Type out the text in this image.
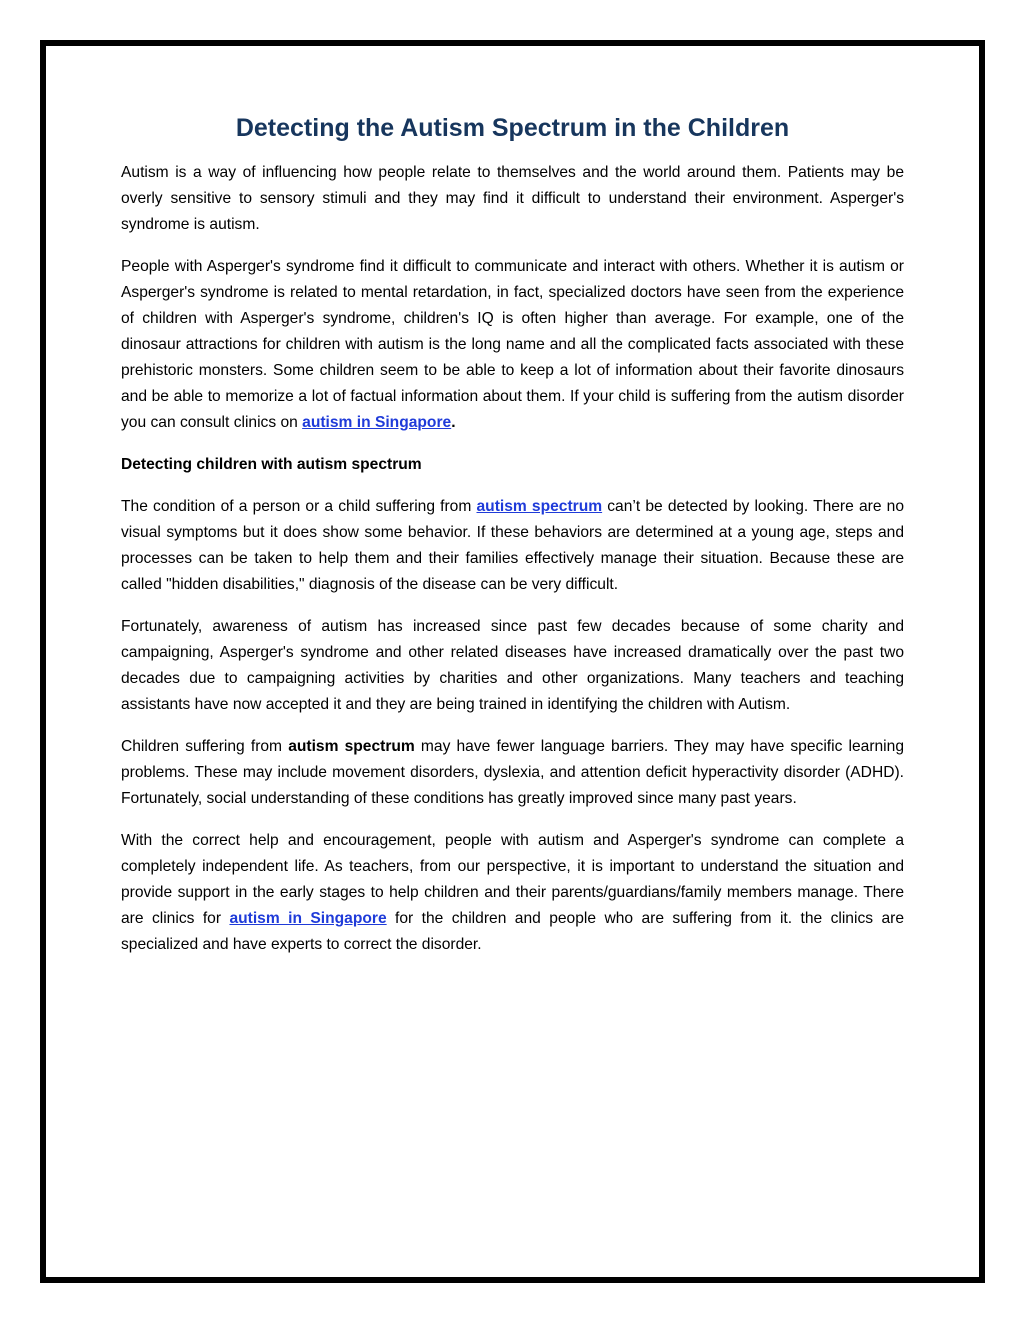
Detecting the Autism Spectrum in the Children

Autism is a way of influencing how people relate to themselves and the world around them. Patients may be overly sensitive to sensory stimuli and they may find it difficult to understand their environment. Asperger's syndrome is autism.

People with Asperger's syndrome find it difficult to communicate and interact with others. Whether it is autism or Asperger's syndrome is related to mental retardation, in fact, specialized doctors have seen from the experience of children with Asperger's syndrome, children's IQ is often higher than average. For example, one of the dinosaur attractions for children with autism is the long name and all the complicated facts associated with these prehistoric monsters. Some children seem to be able to keep a lot of information about their favorite dinosaurs and be able to memorize a lot of factual information about them. If your child is suffering from the autism disorder you can consult clinics on autism in Singapore.

Detecting children with autism spectrum

The condition of a person or a child suffering from autism spectrum can’t be detected by looking. There are no visual symptoms but it does show some behavior. If these behaviors are determined at a young age, steps and processes can be taken to help them and their families effectively manage their situation. Because these are called "hidden disabilities," diagnosis of the disease can be very difficult.

Fortunately, awareness of autism has increased since past few decades because of some charity and campaigning, Asperger's syndrome and other related diseases have increased dramatically over the past two decades due to campaigning activities by charities and other organizations. Many teachers and teaching assistants have now accepted it and they are being trained in identifying the children with Autism.

Children suffering from autism spectrum may have fewer language barriers. They may have specific learning problems. These may include movement disorders, dyslexia, and attention deficit hyperactivity disorder (ADHD). Fortunately, social understanding of these conditions has greatly improved since many past years.

With the correct help and encouragement, people with autism and Asperger's syndrome can complete a completely independent life. As teachers, from our perspective, it is important to understand the situation and provide support in the early stages to help children and their parents/guardians/family members manage. There are clinics for autism in Singapore for the children and people who are suffering from it. the clinics are specialized and have experts to correct the disorder.
